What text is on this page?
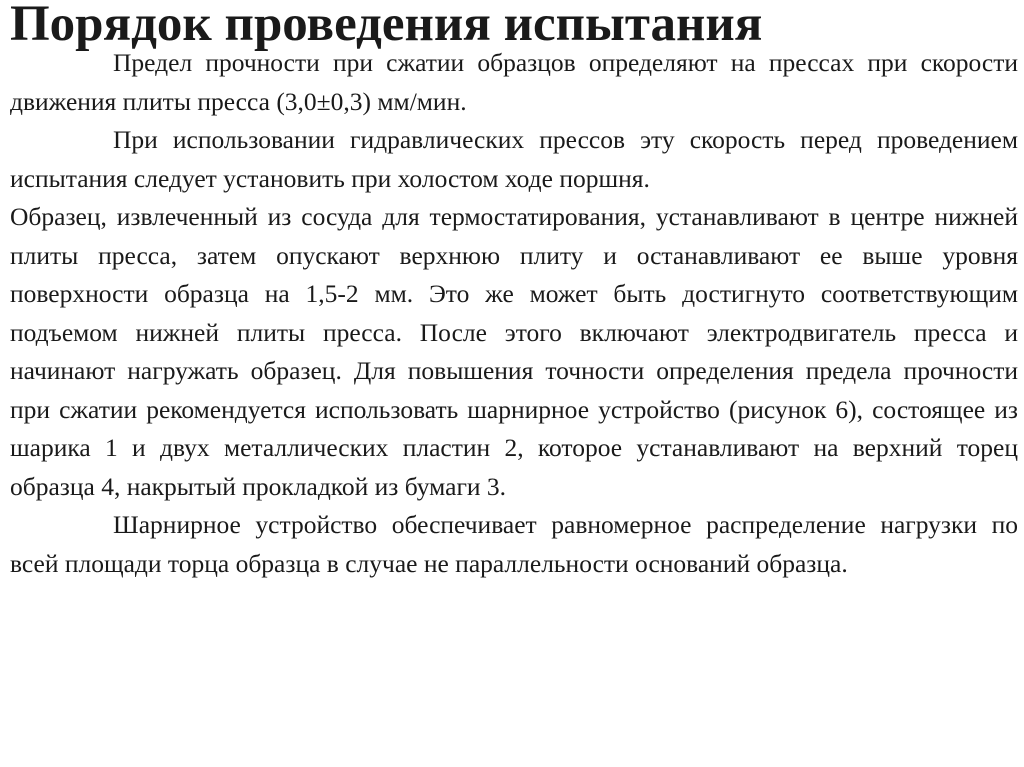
Порядок проведения испытания

Предел прочности при сжатии образцов определяют на прессах при скорости движения плиты пресса (3,0±0,3) мм/мин.

При использовании гидравлических прессов эту скорость перед проведением испытания следует установить при холостом ходе поршня.

Образец, извлеченный из сосуда для термостатирования, устанавливают в центре нижней плиты пресса, затем опускают верхнюю плиту и останавливают ее выше уровня поверхности образца на 1,5-2 мм. Это же может быть достигнуто соответствующим подъемом нижней плиты пресса. После этого включают электродвигатель пресса и начинают нагружать образец. Для повышения точности определения предела прочности при сжатии рекомендуется использовать шарнирное устройство (рисунок 6), состоящее из шарика 1 и двух металлических пластин 2, которое устанавливают на верхний торец образца 4, накрытый прокладкой из бумаги 3.

Шарнирное устройство обеспечивает равномерное распределение нагрузки по всей площади торца образца в случае не параллельности оснований образца.
